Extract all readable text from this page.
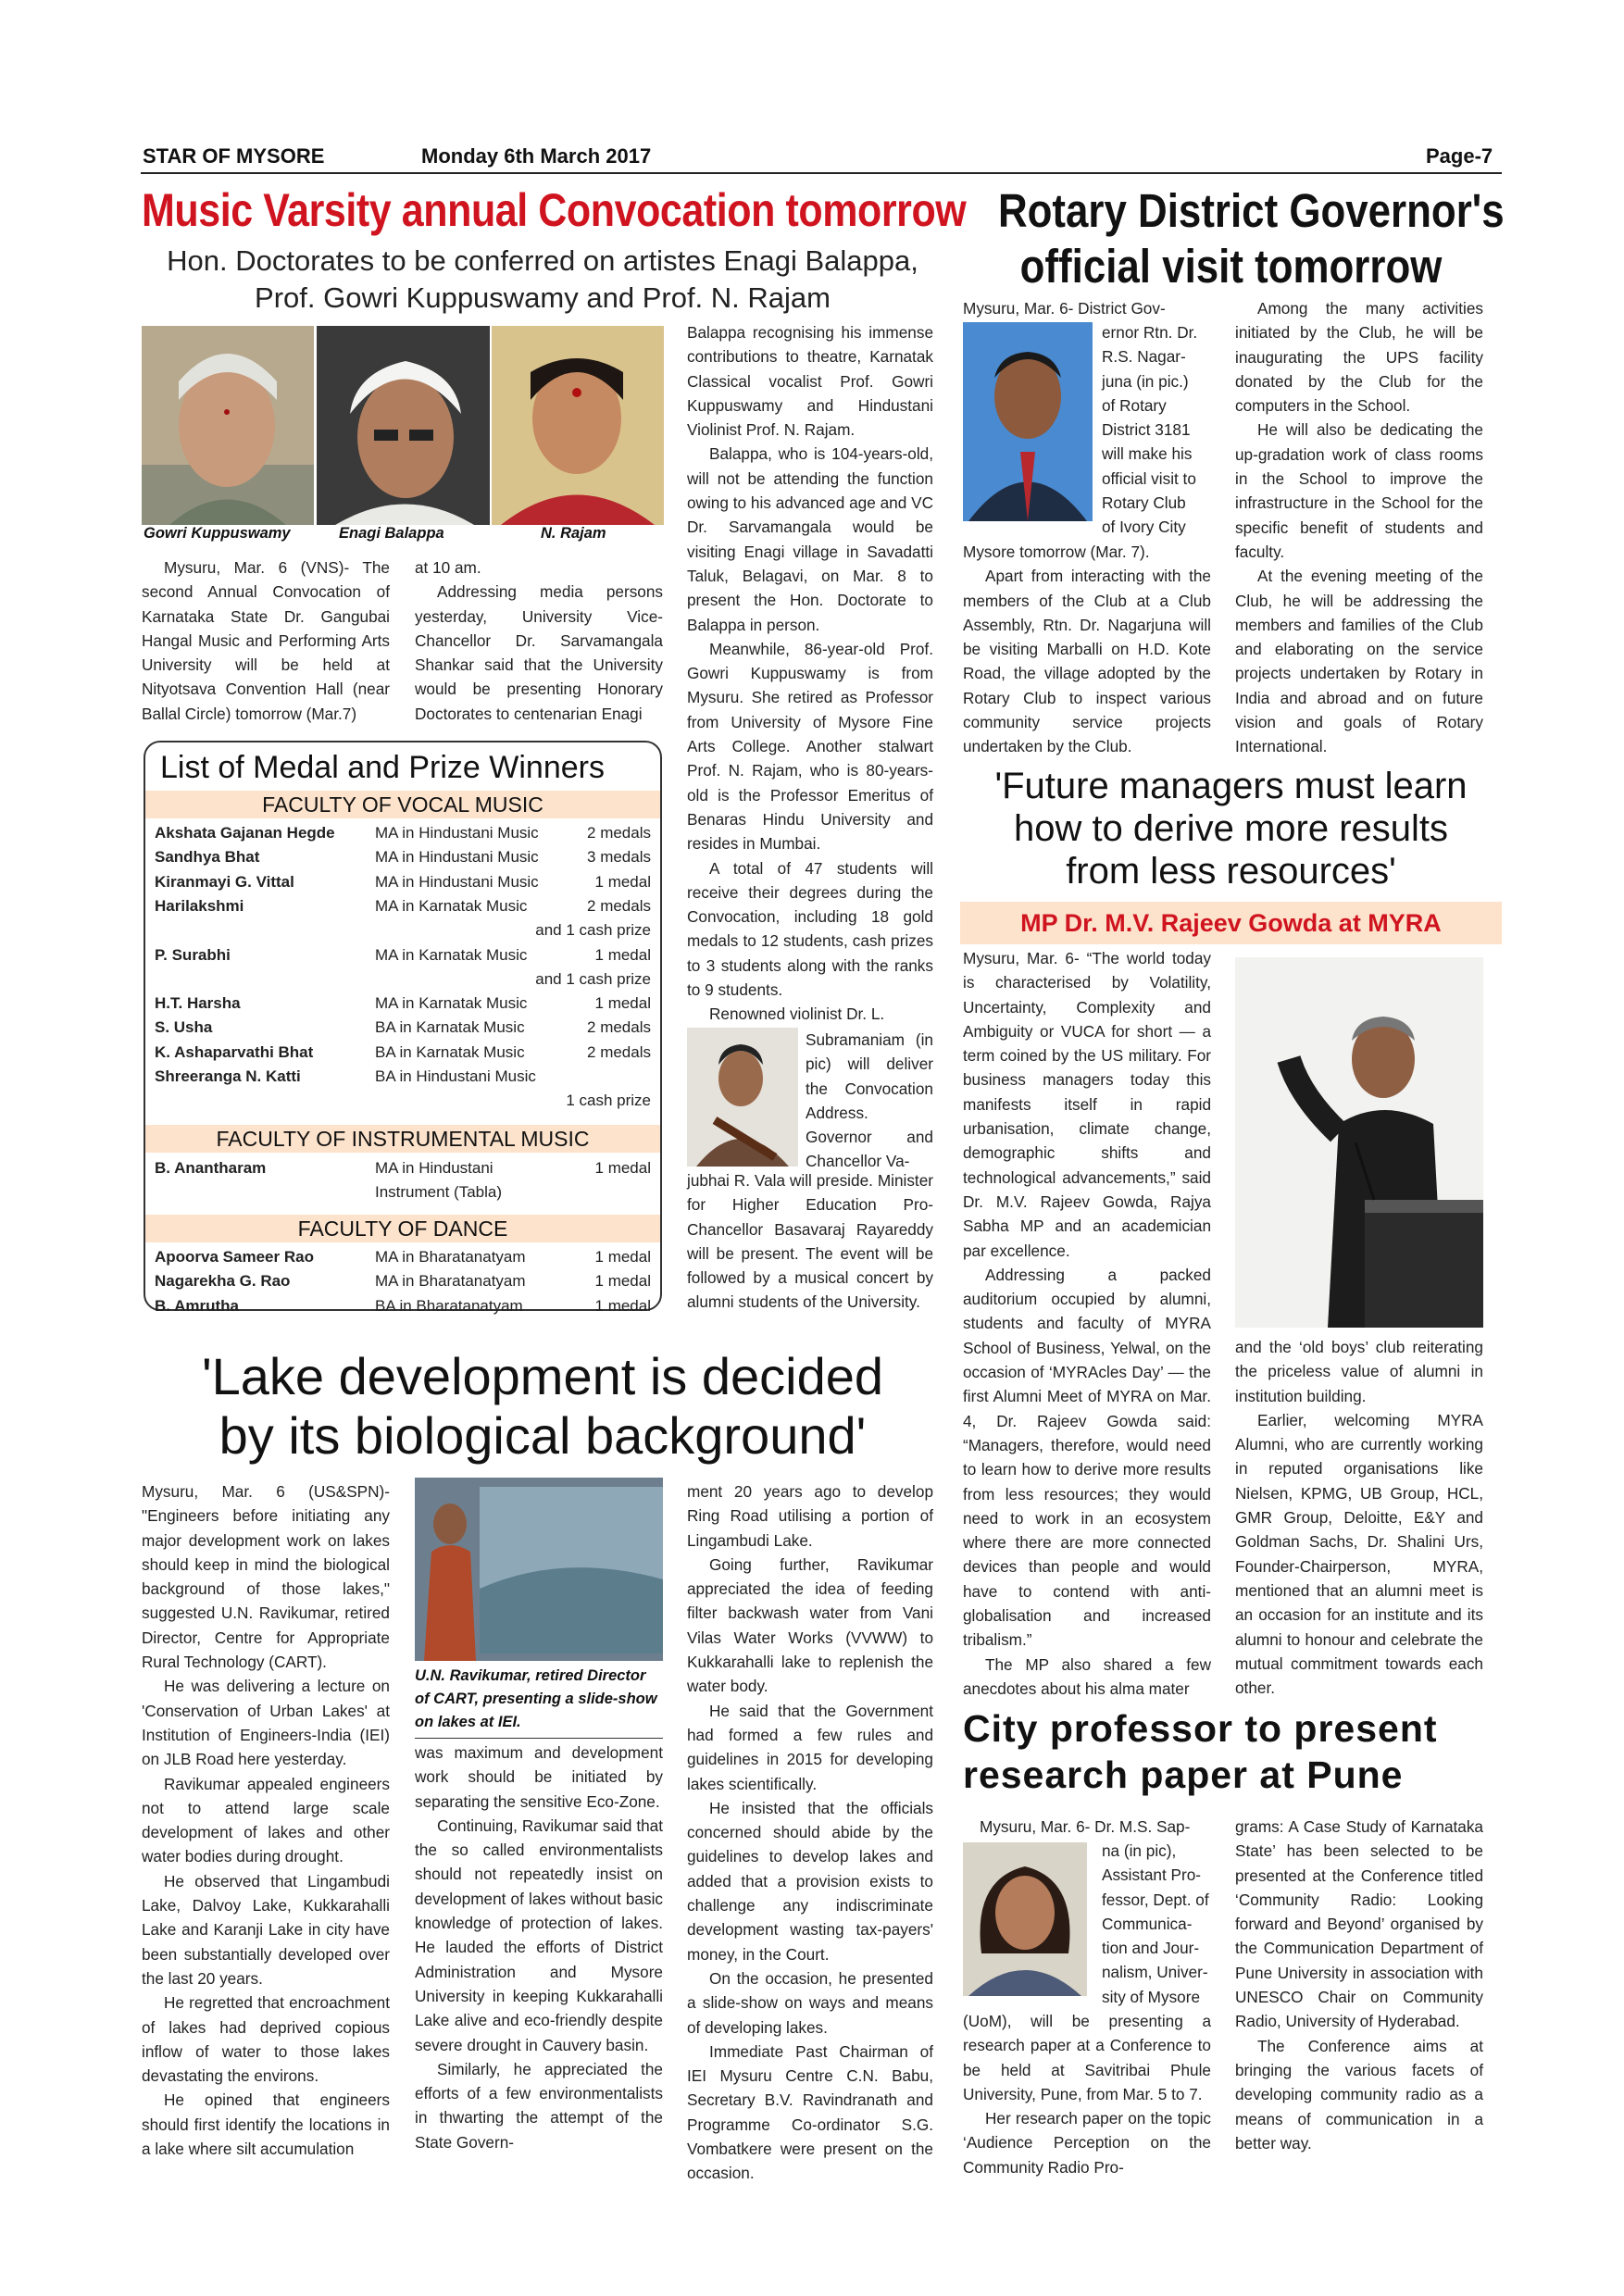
STAR OF MYSORE	Monday 6th March 2017	Page-7
Music Varsity annual Convocation tomorrow
Hon. Doctorates to be conferred on artistes Enagi Balappa,
Prof. Gowri Kuppuswamy and Prof. N. Rajam
Gowri Kuppuswamy	Enagi Balappa	N. Rajam

Mysuru, Mar. 6 (VNS)- The second Annual Convocation of Karnataka State Dr. Gangubai Hangal Music and Performing Arts University will be held at Nityotsava Convention Hall (near Ballal Circle) tomorrow (Mar.7)

at 10 am.

Addressing media persons yesterday, University Vice-Chancellor Dr. Sarvamangala Shankar said that the University would be presenting Honorary Doctorates to centenarian Enagi

Balappa recognising his immense contributions to theatre, Karnatak Classical vocalist Prof. Gowri Kuppuswamy and Hindustani Violinist Prof. N. Rajam.

Balappa, who is 104-years-old, will not be attending the function owing to his advanced age and VC Dr. Sarvamangala would be visiting Enagi village in Savadatti Taluk, Belagavi, on Mar. 8 to present the Hon. Doctorate to Balappa in person.

Meanwhile, 86-year-old Prof. Gowri Kuppuswamy is from Mysuru. She retired as Professor from University of Mysore Fine Arts College. Another stalwart Prof. N. Rajam, who is 80-years-old is the Professor Emeritus of Benaras Hindu University and resides in Mumbai.

A total of 47 students will receive their degrees during the Convocation, including 18 gold medals to 12 students, cash prizes to 3 students along with the ranks to 9 students.

Renowned violinist Dr. L.

Subramaniam (in pic) will deliver the Convocation Address. Governor and Chancellor Va-

jubhai R. Vala will preside. Minister for Higher Education Pro-Chancellor Basavaraj Rayareddy will be present. The event will be followed by a musical concert by alumni students of the University.

List of Medal and Prize Winners
FACULTY OF VOCAL MUSIC
Akshata Gajanan Hegde	MA in Hindustani Music	2 medals
Sandhya Bhat	MA in Hindustani Music	3 medals
Kiranmayi G. Vittal	MA in Hindustani Music	1 medal
Harilakshmi	MA in Karnatak Music	2 medals
and 1 cash prize
P. Surabhi	MA in Karnatak Music	1 medal
and 1 cash prize
H.T. Harsha	MA in Karnatak Music	1 medal
S. Usha	BA in Karnatak Music	2 medals
K. Ashaparvathi Bhat	BA in Karnatak Music	2 medals
Shreeranga N. Katti	BA in Hindustani Music
1 cash prize
FACULTY OF INSTRUMENTAL MUSIC
B. Anantharam	MA in Hindustani	1 medal
Instrument (Tabla)
FACULTY OF DANCE
Apoorva Sameer Rao	MA in Bharatanatyam	1 medal
Nagarekha G. Rao	MA in Bharatanatyam	1 medal
B. Amrutha	BA in Bharatanatyam	1 medal
Rotary District Governor's
official visit tomorrow

Mysuru, Mar. 6- District Gov-

ernor Rtn. Dr.
R.S. Nagar-
juna (in pic.)
of Rotary
District 3181
will make his
official visit to
Rotary Club
of Ivory City

Mysore tomorrow (Mar. 7).

Apart from interacting with the members of the Club at a Club Assembly, Rtn. Dr. Nagarjuna will be visiting Marballi on H.D. Kote Road, the village adopted by the Rotary Club to inspect various community service projects undertaken by the Club.

Among the many activities initiated by the Club, he will be inaugurating the UPS facility donated by the Club for the computers in the School.

He will also be dedicating the up-gradation work of class rooms in the School to improve the infrastructure in the School for the specific benefit of students and faculty.

At the evening meeting of the Club, he will be addressing the members and families of the Club and elaborating on the service projects undertaken by Rotary in India and abroad and on future vision and goals of Rotary International.

'Future managers must learn
how to derive more results
from less resources'
MP Dr. M.V. Rajeev Gowda at MYRA

Mysuru, Mar. 6- “The world today is characterised by Volatility, Uncertainty, Complexity and Ambiguity or VUCA for short — a term coined by the US military. For business managers today this manifests itself in rapid urbanisation, climate change, demographic shifts and technological advancements,” said Dr. M.V. Rajeev Gowda, Rajya Sabha MP and an academician par excellence.

Addressing a packed auditorium occupied by alumni, students and faculty of MYRA School of Business, Yelwal, on the occasion of ‘MYRAcles Day’ — the first Alumni Meet of MYRA on Mar. 4, Dr. Rajeev Gowda said: “Managers, therefore, would need to learn how to derive more results from less resources; they would need to work in an ecosystem where there are more connected devices than people and would have to contend with anti-globalisation and increased tribalism.”

The MP also shared a few anecdotes about his alma mater

and the ‘old boys’ club reiterating the priceless value of alumni in institution building.

Earlier, welcoming MYRA Alumni, who are currently working in reputed organisations like Nielsen, KPMG, UB Group, HCL, GMR Group, Deloitte, E&Y and Goldman Sachs, Dr. Shalini Urs, Founder-Chairperson, MYRA, mentioned that an alumni meet is an occasion for an institute and its alumni to honour and celebrate the mutual commitment towards each other.

'Lake development is decided
by its biological background'

Mysuru, Mar. 6 (US&SPN)- "Engineers before initiating any major development work on lakes should keep in mind the biological background of those lakes," suggested U.N. Ravikumar, retired Director, Centre for Appropriate Rural Technology (CART).

He was delivering a lecture on 'Conservation of Urban Lakes' at Institution of Engineers-India (IEI) on JLB Road here yesterday.

Ravikumar appealed engineers not to attend large scale development of lakes and other water bodies during drought.

He observed that Lingambudi Lake, Dalvoy Lake, Kukkarahalli Lake and Karanji Lake in city have been substantially developed over the last 20 years.

He regretted that encroachment of lakes had deprived copious inflow of water to those lakes devastating the environs.

He opined that engineers should first identify the locations in a lake where silt accumulation

U.N. Ravikumar, retired Director of CART, presenting a slide-show on lakes at IEI.

was maximum and development work should be initiated by separating the sensitive Eco-Zone.

Continuing, Ravikumar said that the so called environmentalists should not repeatedly insist on development of lakes without basic knowledge of protection of lakes. He lauded the efforts of District Administration and Mysore University in keeping Kukkarahalli Lake alive and eco-friendly despite severe drought in Cauvery basin.

Similarly, he appreciated the efforts of a few environmentalists in thwarting the attempt of the State Govern-

ment 20 years ago to develop Ring Road utilising a portion of Lingambudi Lake.

Going further, Ravikumar appreciated the idea of feeding filter backwash water from Vani Vilas Water Works (VVWW) to Kukkarahalli lake to replenish the water body.

He said that the Government had formed a few rules and guidelines in 2015 for developing lakes scientifically.

He insisted that the officials concerned should abide by the guidelines to develop lakes and added that a provision exists to challenge any indiscriminate development wasting tax-payers' money, in the Court.

On the occasion, he presented a slide-show on ways and means of developing lakes.

Immediate Past Chairman of IEI Mysuru Centre C.N. Babu, Secretary B.V. Ravindranath and Programme Co-ordinator S.G. Vombatkere were present on the occasion.

City professor to present
research paper at Pune

Mysuru, Mar. 6- Dr. M.S. Sap-

na (in pic),
Assistant Pro-
fessor, Dept. of
Communica-
tion and Jour-
nalism, Univer-
sity of Mysore

(UoM), will be presenting a research paper at a Conference to be held at Savitribai Phule University, Pune, from Mar. 5 to 7.

Her research paper on the topic ‘Audience Perception on the Community Radio Pro-

grams: A Case Study of Karnataka State’ has been selected to be presented at the Conference titled ‘Community Radio: Looking forward and Beyond’ organised by the Communication Department of Pune University in association with UNESCO Chair on Community Radio, University of Hyderabad.

The Conference aims at bringing the various facets of developing community radio as a means of communication in a better way.
